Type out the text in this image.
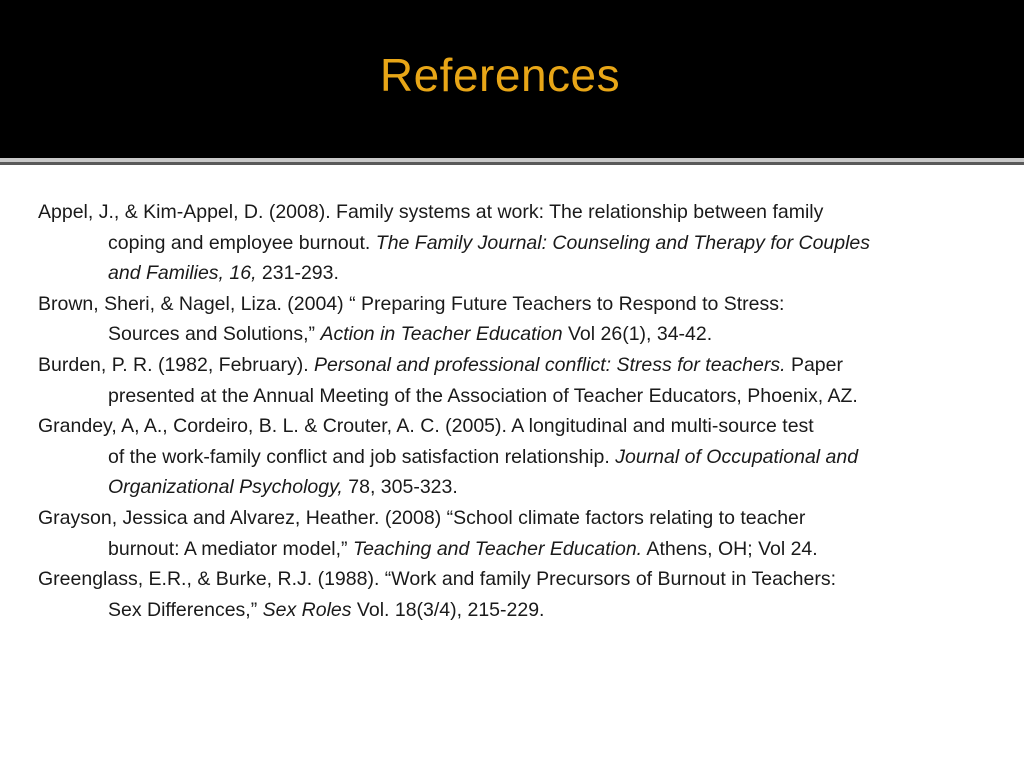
References

Appel, J., & Kim-Appel, D. (2008). Family systems at work: The relationship between family
coping and employee burnout. The Family Journal: Counseling and Therapy for Couples
and Families, 16, 231-293.

Brown, Sheri, & Nagel, Liza. (2004) “ Preparing Future Teachers to Respond to Stress:
Sources and Solutions,” Action in Teacher Education Vol 26(1), 34-42.

Burden, P. R. (1982, February). Personal and professional conflict: Stress for teachers. Paper
presented at the Annual Meeting of the Association of Teacher Educators, Phoenix, AZ.

Grandey, A, A., Cordeiro, B. L. & Crouter, A. C. (2005). A longitudinal and multi-source test
of the work-family conflict and job satisfaction relationship. Journal of Occupational and
Organizational Psychology, 78, 305-323.

Grayson, Jessica and Alvarez, Heather. (2008) “School climate factors relating to teacher
burnout: A mediator model,” Teaching and Teacher Education. Athens, OH; Vol 24.

Greenglass, E.R., & Burke, R.J. (1988). “Work and family Precursors of Burnout in Teachers:
Sex Differences,” Sex Roles Vol. 18(3/4), 215-229.
